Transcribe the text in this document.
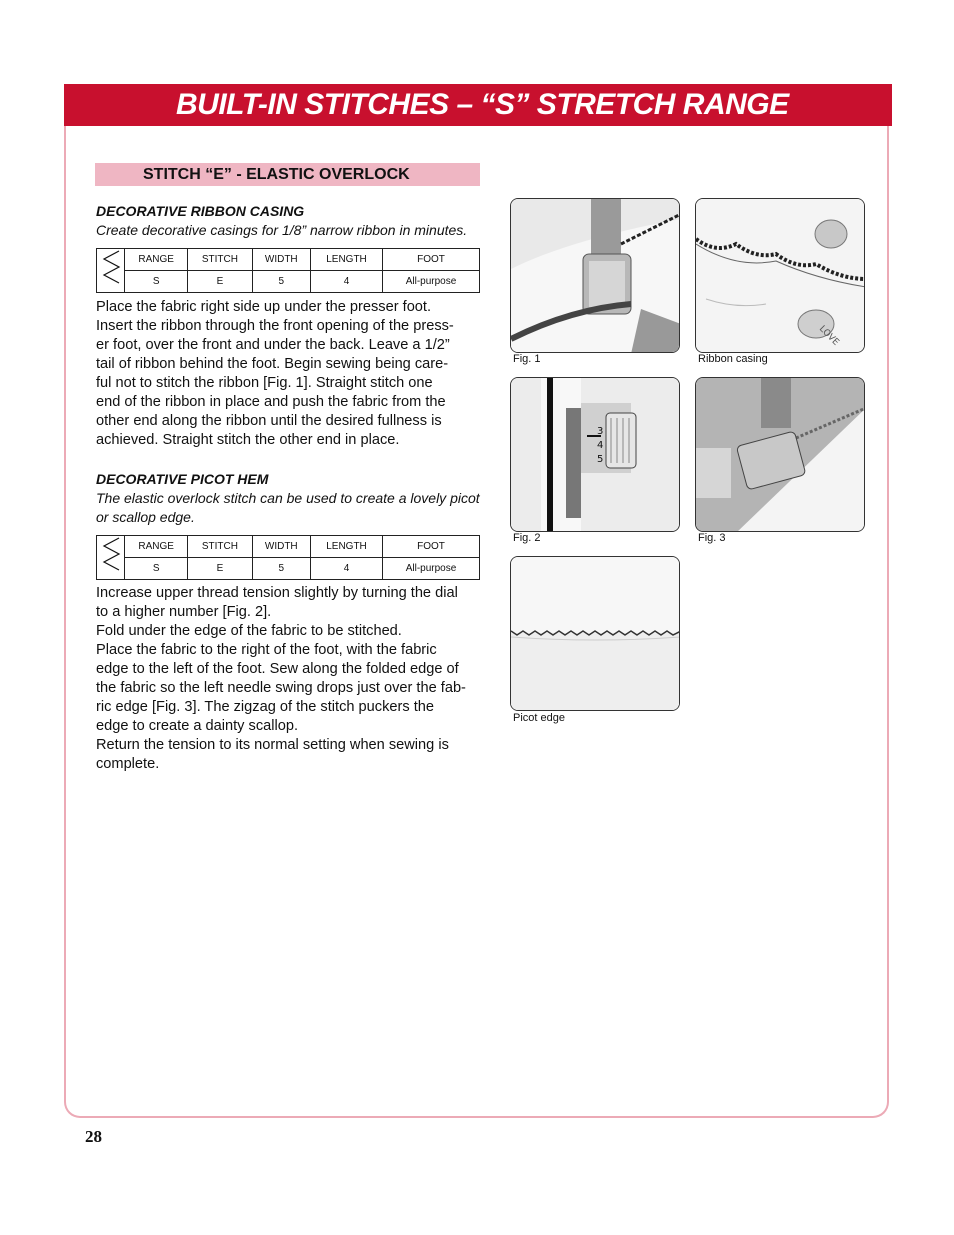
BUILT-IN STITCHES – “S” STRETCH RANGE
STITCH “E” - ELASTIC OVERLOCK
DECORATIVE RIBBON CASING
Create decorative casings for 1/8” narrow ribbon in minutes.
	RANGE	STITCH	WIDTH	LENGTH	FOOT
	S	E	5	4	All-purpose

Place the fabric right side up under the presser foot.

Insert the ribbon through the front opening of the press-

er foot, over the front and under the back. Leave a 1/2”

tail of ribbon behind the foot. Begin sewing being care-

ful not to stitch the ribbon [Fig. 1]. Straight stitch one

end of the ribbon in place and push the fabric from the

other end along the ribbon until the desired fullness is

achieved. Straight stitch the other end in place.

DECORATIVE PICOT HEM
The elastic overlock stitch can be used to create a lovely picot or scallop edge.
	RANGE	STITCH	WIDTH	LENGTH	FOOT
	S	E	5	4	All-purpose

Increase upper thread tension slightly by turning the dial

to a higher number [Fig. 2].

Fold under the edge of the fabric to be stitched.

Place the fabric to the right of the foot, with the fabric

edge to the left of the foot. Sew along the folded edge of

the fabric so the left needle swing drops just over the fab-

ric edge [Fig. 3]. The zigzag of the stitch puckers the

edge to create a dainty scallop.

Return the tension to its normal setting when sewing is

complete.

Fig. 1
LOVE
Ribbon casing
3
4
5
Fig. 2	Fig. 3
Picot edge
28
